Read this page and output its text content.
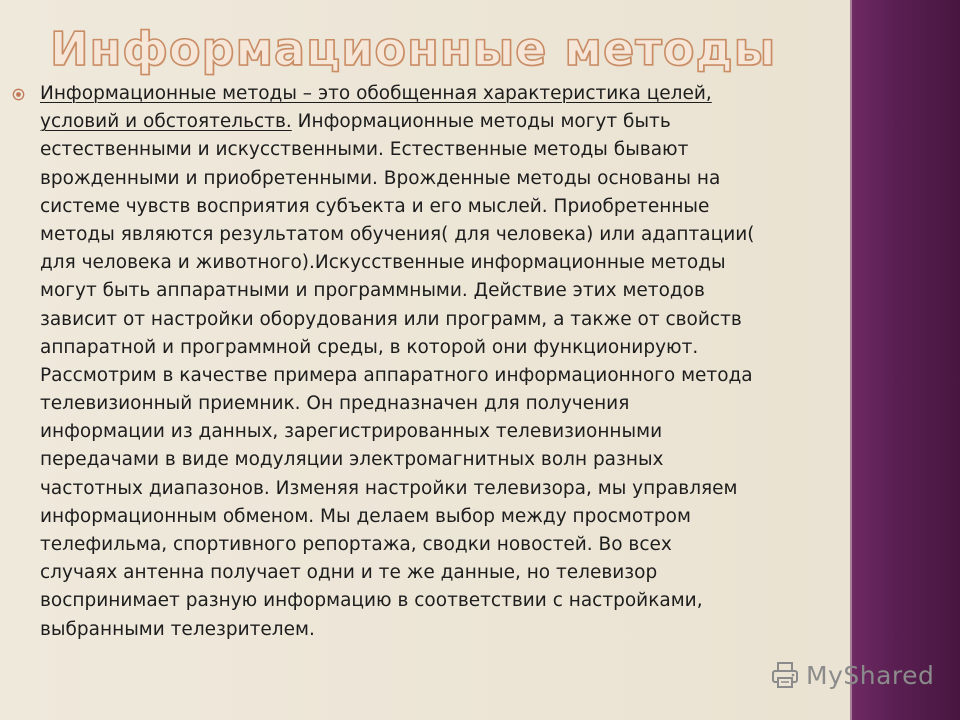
Информационные методы
Информационные методы – это обобщенная характеристика целей,
условий и обстоятельств. Информационные методы могут быть
естественными и искусственными. Естественные методы бывают
врожденными и приобретенными. Врожденные методы основаны на
системе чувств восприятия субъекта и его мыслей. Приобретенные
методы являются результатом обучения( для человека) или адаптации(
для человека и животного).Искусственные информационные методы
могут быть аппаратными и программными. Действие этих методов
зависит от настройки оборудования или программ, а также от свойств
аппаратной и программной среды, в которой они функционируют.
Рассмотрим в качестве примера аппаратного информационного метода
телевизионный приемник. Он предназначен для получения
информации из данных, зарегистрированных телевизионными
передачами в виде модуляции электромагнитных волн разных
частотных диапазонов. Изменяя настройки телевизора, мы управляем
информационным обменом. Мы делаем выбор между просмотром
телефильма, спортивного репортажа, сводки новостей. Во всех
случаях антенна получает одни и те же данные, но телевизор
воспринимает разную информацию в соответствии с настройками,
выбранными телезрителем.
MyShared
